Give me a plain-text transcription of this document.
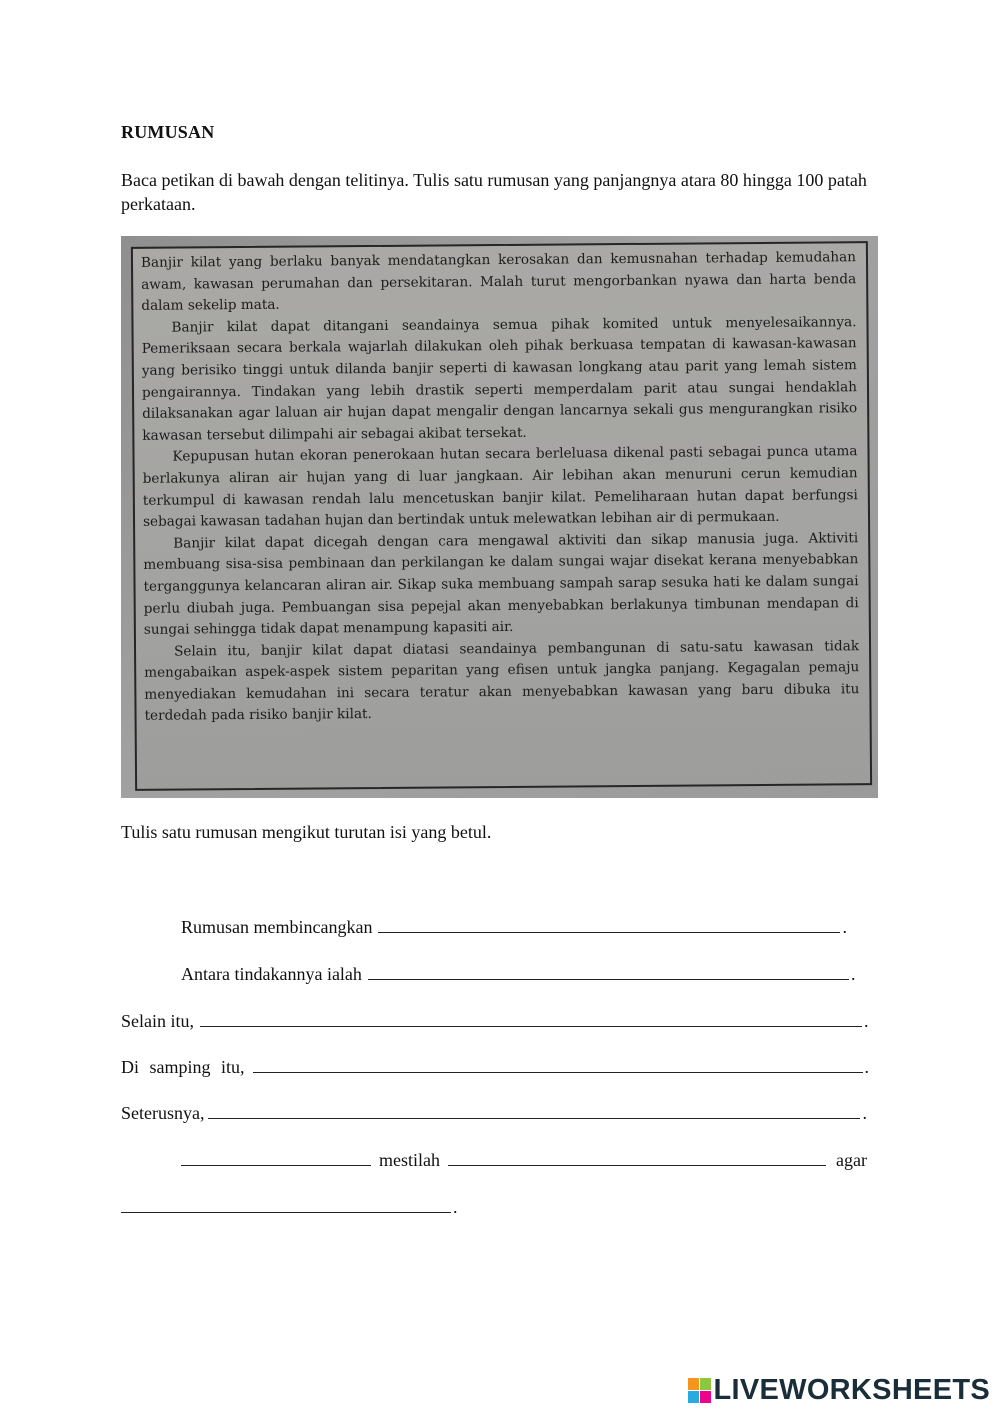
RUMUSAN
Baca petikan di bawah dengan telitinya. Tulis satu rumusan yang panjangnya atara 80 hingga 100 patah perkataan.

Banjir kilat yang berlaku banyak mendatangkan kerosakan dan kemusnahan terhadap kemudahan awam, kawasan perumahan dan persekitaran. Malah turut mengorbankan nyawa dan harta benda dalam sekelip mata.

Banjir kilat dapat ditangani seandainya semua pihak komited untuk menyelesaikannya. Pemeriksaan secara berkala wajarlah dilakukan oleh pihak berkuasa tempatan di kawasan-kawasan yang berisiko tinggi untuk dilanda banjir seperti di kawasan longkang atau parit yang lemah sistem pengairannya. Tindakan yang lebih drastik seperti memperdalam parit atau sungai hendaklah dilaksanakan agar laluan air hujan dapat mengalir dengan lancarnya sekali gus mengurangkan risiko kawasan tersebut dilimpahi air sebagai akibat tersekat.

Kepupusan hutan ekoran penerokaan hutan secara berleluasa dikenal pasti sebagai punca utama berlakunya aliran air hujan yang di luar jangkaan. Air lebihan akan menuruni cerun kemudian terkumpul di kawasan rendah lalu mencetuskan banjir kilat. Pemeliharaan hutan dapat berfungsi sebagai kawasan tadahan hujan dan bertindak untuk melewatkan lebihan air di permukaan.

Banjir kilat dapat dicegah dengan cara mengawal aktiviti dan sikap manusia juga. Aktiviti membuang sisa-sisa pembinaan dan perkilangan ke dalam sungai wajar disekat kerana menyebabkan terganggunya kelancaran aliran air. Sikap suka membuang sampah sarap sesuka hati ke dalam sungai perlu diubah juga. Pembuangan sisa pepejal akan menyebabkan berlakunya timbunan mendapan di sungai sehingga tidak dapat menampung kapasiti air.

Selain itu, banjir kilat dapat diatasi seandainya pembangunan di satu-satu kawasan tidak mengabaikan aspek-aspek sistem peparitan yang efisen untuk jangka panjang. Kegagalan pemaju menyediakan kemudahan ini secara teratur akan menyebabkan kawasan yang baru dibuka itu terdedah pada risiko banjir kilat.

Tulis satu rumusan mengikut turutan isi yang betul.
Rumusan membincangkan	.
Antara tindakannya ialah	.
Selain itu,	.
Di samping itu,	.
Seterusnya,	.
mestilah	agar
.
LIVEWORKSHEETS
